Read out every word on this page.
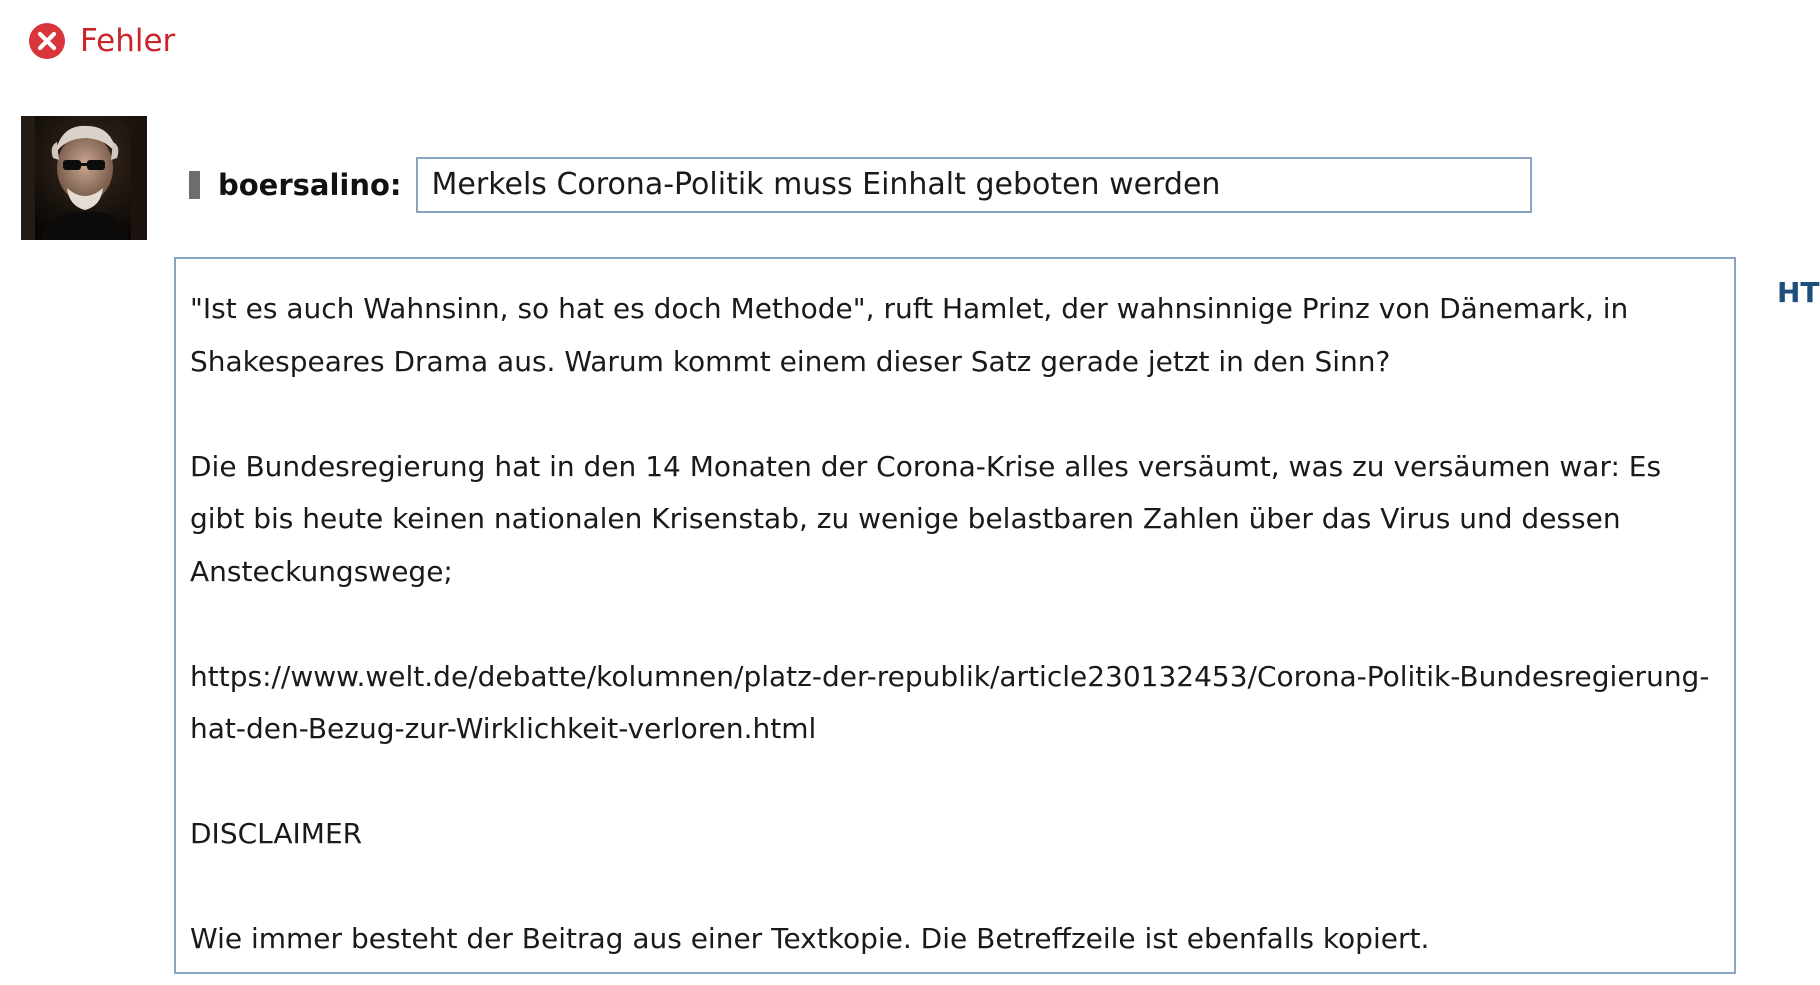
Fehler
boersalino:	Merkels Corona-Politik muss Einhalt geboten werden

"Ist es auch Wahnsinn, so hat es doch Methode", ruft Hamlet, der wahnsinnige Prinz von Dänemark, in Shakespeares Drama aus. Warum kommt einem dieser Satz gerade jetzt in den Sinn?

Die Bundesregierung hat in den 14 Monaten der Corona-Krise alles versäumt, was zu versäumen war: Es gibt bis heute keinen nationalen Krisenstab, zu wenige belastbaren Zahlen über das Virus und dessen Ansteckungswege;

https://www.welt.de/debatte/kolumnen/platz-der-republik/article230132453/Corona-Politik-Bundesregierung-hat-den-Bezug-zur-Wirklichkeit-verloren.html

DISCLAIMER

Wie immer besteht der Beitrag aus einer Textkopie. Die Betreffzeile ist ebenfalls kopiert.

HT
